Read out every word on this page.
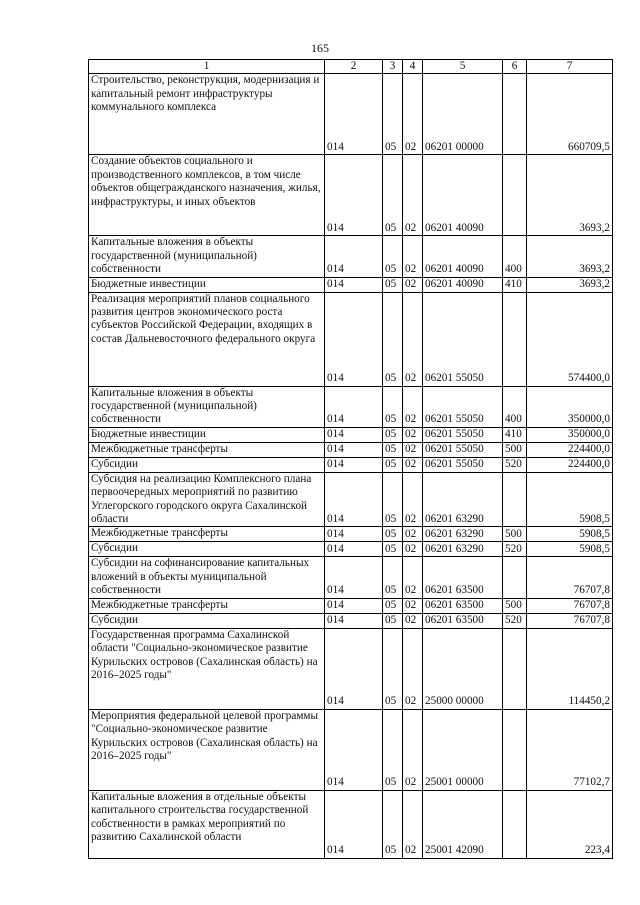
165
1	2	3	4	5	6	7
Строительство, реконструкция, модернизация и капитальный ремонт инфраструктуры коммунального комплекса	014	05	02	06201 00000		660709,5
Создание объектов социального и производственного комплексов, в том числе объектов общегражданского назначения, жилья, инфраструктуры, и иных объектов	014	05	02	06201 40090		3693,2
Капитальные вложения в объекты государственной (муниципальной) собственности	014	05	02	06201 40090	400	3693,2
Бюджетные инвестиции	014	05	02	06201 40090	410	3693,2
Реализация мероприятий планов социального развития центров экономического роста субъектов Российской Федерации, входящих в состав Дальневосточного федерального округа	014	05	02	06201 55050		574400,0
Капитальные вложения в объекты государственной (муниципальной) собственности	014	05	02	06201 55050	400	350000,0
Бюджетные инвестиции	014	05	02	06201 55050	410	350000,0
Межбюджетные трансферты	014	05	02	06201 55050	500	224400,0
Субсидии	014	05	02	06201 55050	520	224400,0
Субсидия на реализацию Комплексного плана первоочередных мероприятий по развитию Углегорского городского округа Сахалинской области	014	05	02	06201 63290		5908,5
Межбюджетные трансферты	014	05	02	06201 63290	500	5908,5
Субсидии	014	05	02	06201 63290	520	5908,5
Субсидии на софинансирование капитальных вложений в объекты муниципальной собственности	014	05	02	06201 63500		76707,8
Межбюджетные трансферты	014	05	02	06201 63500	500	76707,8
Субсидии	014	05	02	06201 63500	520	76707,8
Государственная программа Сахалинской области "Социально-экономическое развитие Курильских островов (Сахалинская область) на 2016–2025 годы"	014	05	02	25000 00000		114450,2
Мероприятия федеральной целевой программы "Социально-экономическое развитие Курильских островов (Сахалинская область) на 2016–2025 годы"	014	05	02	25001 00000		77102,7
Капитальные вложения в отдельные объекты капитального строительства государственной собственности в рамках мероприятий по развитию Сахалинской области	014	05	02	25001 42090		223,4
